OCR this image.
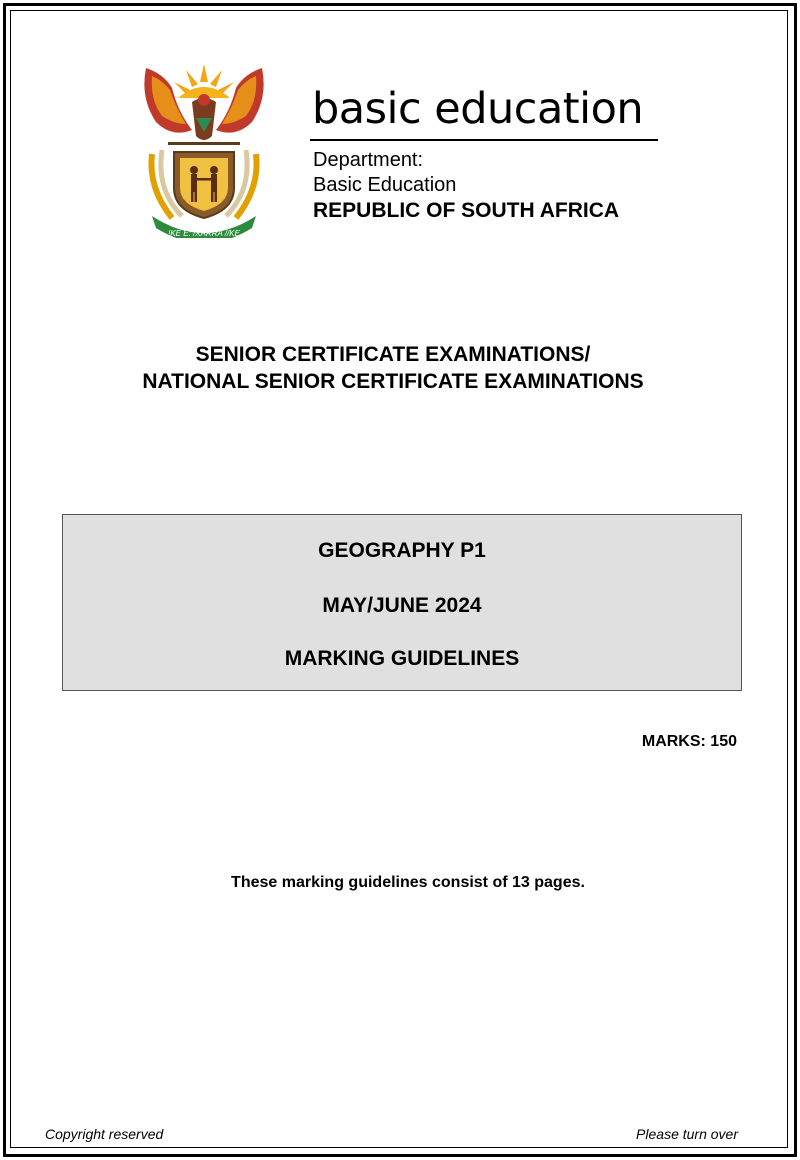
!KE E: /XARRA //KE
basic education
Department:
Basic Education
REPUBLIC OF SOUTH AFRICA
SENIOR CERTIFICATE EXAMINATIONS/
NATIONAL SENIOR CERTIFICATE EXAMINATIONS
GEOGRAPHY P1
MAY/JUNE 2024
MARKING GUIDELINES
MARKS: 150
These marking guidelines consist of 13 pages.
Copyright reserved	Please turn over
